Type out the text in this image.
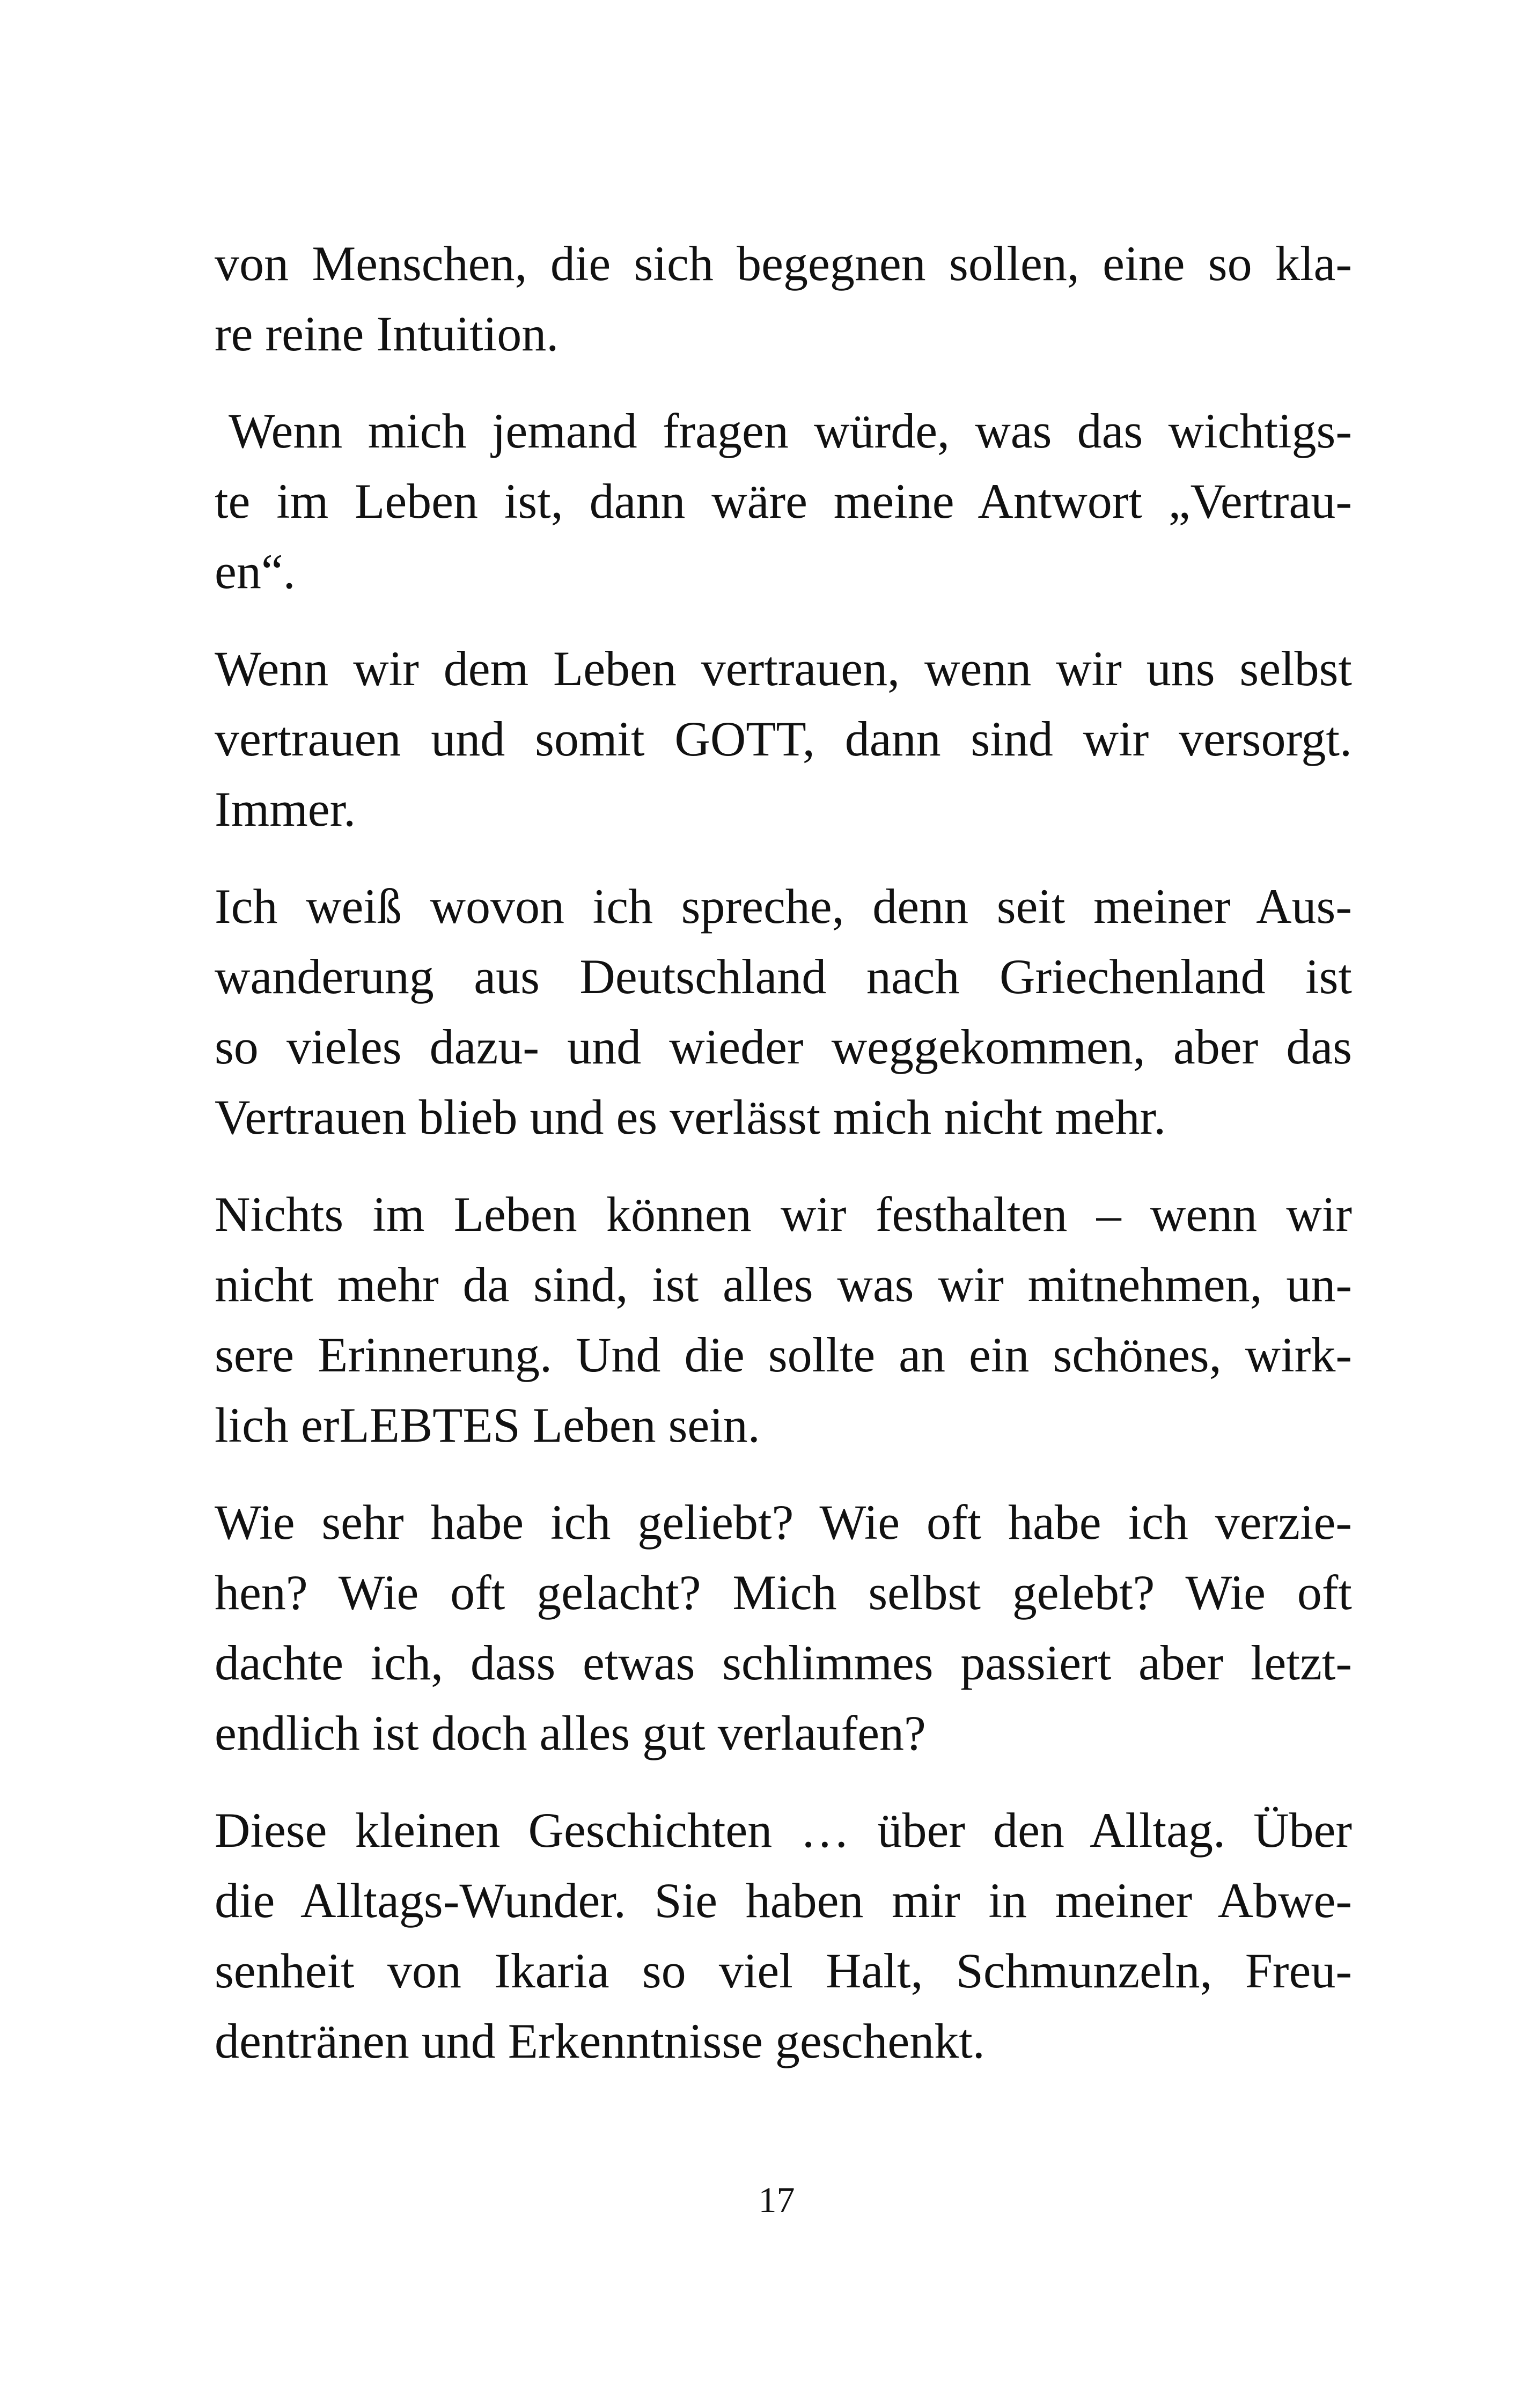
von Menschen, die sich begegnen sollen, eine so kla-
re reine Intuition.

Wenn mich jemand fragen würde, was das wichtigs-
te im Leben ist, dann wäre meine Antwort „Vertrau-
en“.

Wenn wir dem Leben vertrauen, wenn wir uns selbst
vertrauen und somit GOTT, dann sind wir versorgt.
Immer.

Ich weiß wovon ich spreche, denn seit meiner Aus-
wanderung aus Deutschland nach Griechenland ist
so vieles dazu- und wieder weggekommen, aber das
Vertrauen blieb und es verlässt mich nicht mehr.

Nichts im Leben können wir festhalten – wenn wir
nicht mehr da sind, ist alles was wir mitnehmen, un-
sere Erinnerung. Und die sollte an ein schönes, wirk-
lich erLEBTES Leben sein.

Wie sehr habe ich geliebt? Wie oft habe ich verzie-
hen? Wie oft gelacht? Mich selbst gelebt? Wie oft
dachte ich, dass etwas schlimmes passiert aber letzt-
endlich ist doch alles gut verlaufen?

Diese kleinen Geschichten … über den Alltag. Über
die Alltags-Wunder. Sie haben mir in meiner Abwe-
senheit von Ikaria so viel Halt, Schmunzeln, Freu-
dentränen und Erkenntnisse geschenkt.

17
